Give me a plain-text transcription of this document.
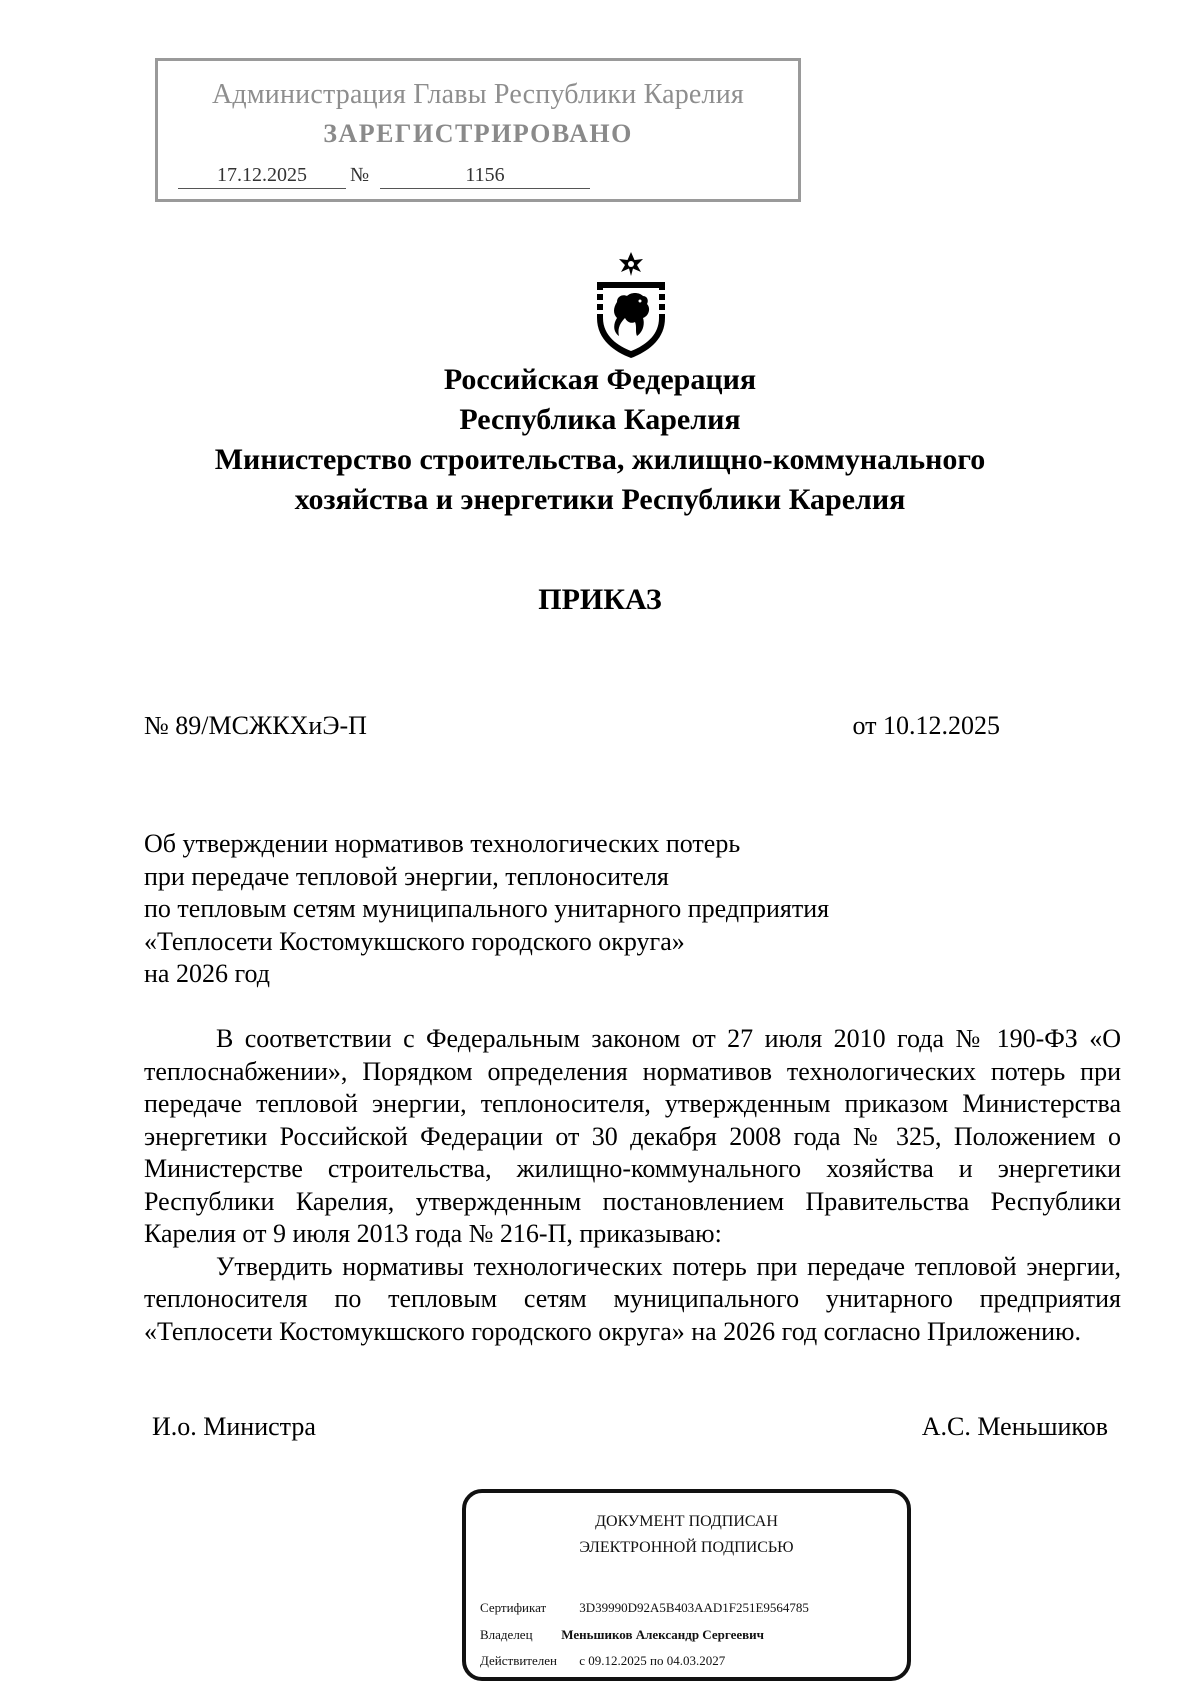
Администрация Главы Республики Карелия
ЗАРЕГИСТРИРОВАНО
17.12.2025	№	1156
Российская Федерация
Республика Карелия
Министерство строительства, жилищно-коммунального
хозяйства и энергетики Республики Карелия
ПРИКАЗ
№ 89/МСЖКХиЭ-П	от 10.12.2025
Об утверждении нормативов технологических потерь
при передаче тепловой энергии, теплоносителя
по тепловым сетям муниципального унитарного предприятия
«Теплосети Костомукшского городского округа»
на 2026 год

В соответствии с Федеральным законом от 27 июля 2010 года № 190-ФЗ «О теплоснабжении», Порядком определения нормативов технологических потерь при передаче тепловой энергии, теплоносителя, утвержденным приказом Министерства энергетики Российской Федерации от 30 декабря 2008 года № 325, Положением о Министерстве строительства, жилищно-коммунального хозяйства и энергетики Республики Карелия, утвержденным постановлением Правительства Республики Карелия от 9 июля 2013 года № 216-П, приказываю:

Утвердить нормативы технологических потерь при передаче тепловой энергии, теплоносителя по тепловым сетям муниципального унитарного предприятия «Теплосети Костомукшского городского округа» на 2026 год согласно Приложению.

И.о. Министра	А.С. Меньшиков
ДОКУМЕНТ ПОДПИСАН
ЭЛЕКТРОННОЙ ПОДПИСЬЮ
Сертификат	3D39990D92A5B403AAD1F251E9564785
Владелец Меньшиков Александр Сергеевич
Действителен с 09.12.2025 по 04.03.2027
